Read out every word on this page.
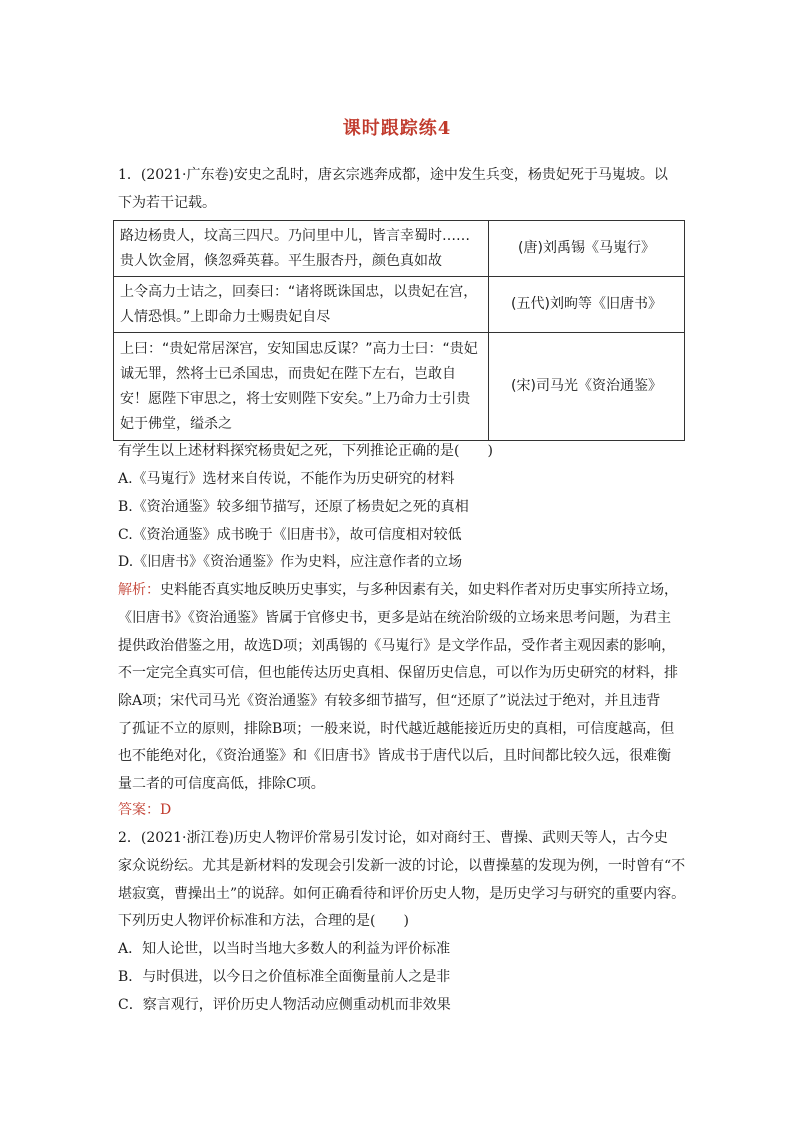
课时跟踪练4
1．(2021·广东卷)安史之乱时，唐玄宗逃奔成都，途中发生兵变，杨贵妃死于马嵬坡。以
下为若干记载。
路边杨贵人，坟高三四尺。乃问里中儿，皆言幸蜀时……贵人饮金屑，倏忽舜英暮。平生服杏丹，颜色真如故	(唐)刘禹锡《马嵬行》
上令高力士诘之，回奏曰：“诸将既诛国忠，以贵妃在宫，人情恐惧。”上即命力士赐贵妃自尽	(五代)刘昫等《旧唐书》
上曰：“贵妃常居深宫，安知国忠反谋？”高力士曰：“贵妃诚无罪，然将士已杀国忠，而贵妃在陛下左右，岂敢自安！愿陛下审思之，将士安则陛下安矣。”上乃命力士引贵妃于佛堂，缢杀之	(宋)司马光《资治通鉴》
有学生以上述材料探究杨贵妃之死，下列推论正确的是(　　)
A.《马嵬行》选材来自传说，不能作为历史研究的材料
B.《资治通鉴》较多细节描写，还原了杨贵妃之死的真相
C.《资治通鉴》成书晚于《旧唐书》，故可信度相对较低
D.《旧唐书》《资治通鉴》作为史料，应注意作者的立场
解析：史料能否真实地反映历史事实，与多种因素有关，如史料作者对历史事实所持立场，
《旧唐书》《资治通鉴》皆属于官修史书，更多是站在统治阶级的立场来思考问题，为君主
提供政治借鉴之用，故选D项；刘禹锡的《马嵬行》是文学作品，受作者主观因素的影响，
不一定完全真实可信，但也能传达历史真相、保留历史信息，可以作为历史研究的材料，排
除A项；宋代司马光《资治通鉴》有较多细节描写，但“还原了”说法过于绝对，并且违背
了孤证不立的原则，排除B项；一般来说，时代越近越能接近历史的真相，可信度越高，但
也不能绝对化，《资治通鉴》和《旧唐书》皆成书于唐代以后，且时间都比较久远，很难衡
量二者的可信度高低，排除C项。
答案：D
2．(2021·浙江卷)历史人物评价常易引发讨论，如对商纣王、曹操、武则天等人，古今史
家众说纷纭。尤其是新材料的发现会引发新一波的讨论，以曹操墓的发现为例，一时曾有“不
堪寂寞，曹操出土”的说辞。如何正确看待和评价历史人物，是历史学习与研究的重要内容。
下列历史人物评价标准和方法，合理的是(　　)
A．知人论世，以当时当地大多数人的利益为评价标准
B．与时俱进，以今日之价值标准全面衡量前人之是非
C．察言观行，评价历史人物活动应侧重动机而非效果
